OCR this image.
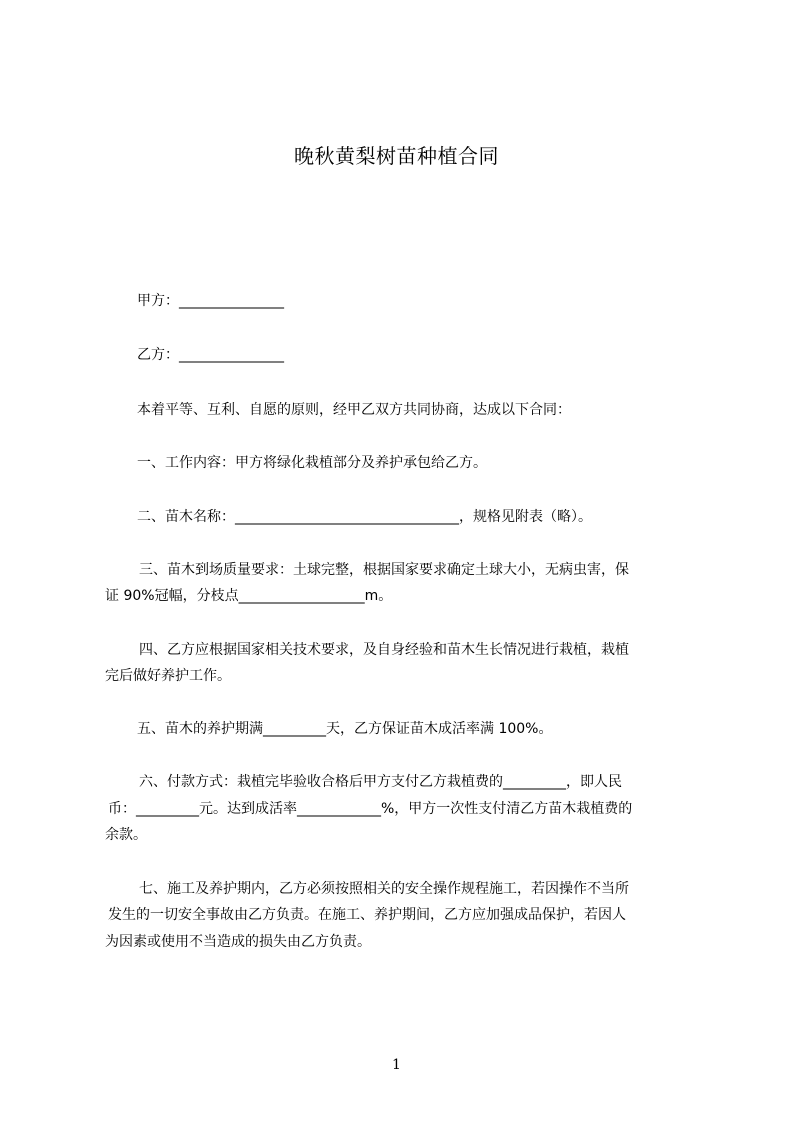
晚秋黄梨树苗种植合同
甲方：_______________
乙方：_______________
本着平等、互利、自愿的原则，经甲乙双方共同协商，达成以下合同：
一、工作内容：甲方将绿化栽植部分及养护承包给乙方。
二、苗木名称：________________________________，规格见附表（略）。
三、苗木到场质量要求：土球完整，根据国家要求确定土球大小，无病虫害，保
证 90%冠幅，分枝点__________________m。
四、乙方应根据国家相关技术要求，及自身经验和苗木生长情况进行栽植，栽植
完后做好养护工作。
五、苗木的养护期满_________天，乙方保证苗木成活率满 100%。
六、付款方式：栽植完毕验收合格后甲方支付乙方栽植费的_________，即人民
币：_________元。达到成活率____________%，甲方一次性支付清乙方苗木栽植费的
余款。
七、施工及养护期内，乙方必须按照相关的安全操作规程施工，若因操作不当所
发生的一切安全事故由乙方负责。在施工、养护期间，乙方应加强成品保护，若因人
为因素或使用不当造成的损失由乙方负责。
1
